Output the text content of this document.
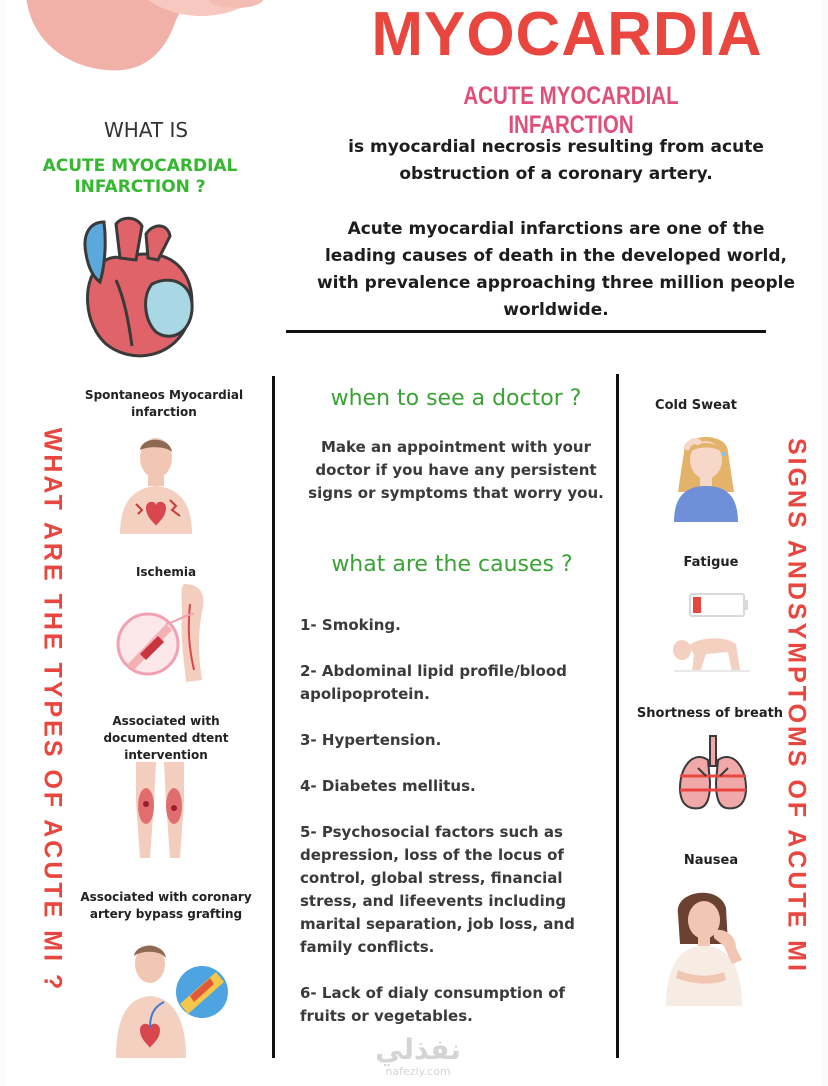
MYOCARDIA
ACUTE MYOCARDIAL INFARCTION
WHAT IS
ACUTE MYOCARDIAL INFARCTION ?
is myocardial necrosis resulting from acute obstruction of a coronary artery.
Acute myocardial infarctions are one of the leading causes of death in the developed world, with prevalence approaching three million people worldwide.
WHAT ARE THE TYPES OF ACUTE MI ?
Spontaneos Myocardial infarction
Ischemia
Associated with documented dtent intervention
Associated with coronary artery bypass grafting
when to see a doctor ?
Make an appointment with your doctor if you have any persistent signs or symptoms that worry you.
what are the causes ?
1- Smoking.
2- Abdominal lipid profile/blood apolipoprotein.
3- Hypertension.
4- Diabetes mellitus.
5- Psychosocial factors such as depression, loss of the locus of control, global stress, financial stress, and lifeevents including marital separation, job loss, and family conflicts.
6- Lack of dialy consumption of fruits or vegetables.
SIGNS ANDSYMPTOMS OF ACUTE MI
Cold Sweat
Fatigue
Shortness of breath
Nausea
نفذلي
nafezly.com
